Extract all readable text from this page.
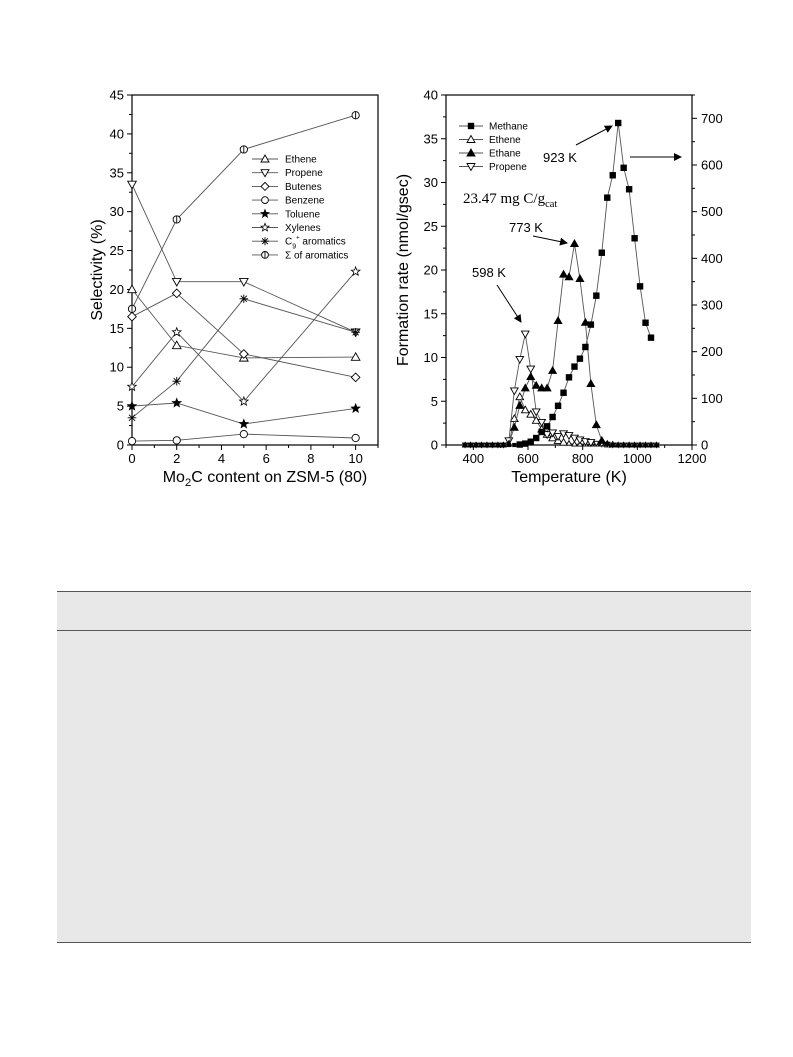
0
5
10
15
20
25
30
35
40
45
0	2	4	6	8	10
$Mo_2C$ content on ZSM-5 (80)
Selectivity (%)
Ethene
Propene
Butenes
Benzene
Toluene
Xylenes
$C_9^+$ aromatics
Σ of aromatics
0
5
10
15
20
25
30
35
40
0
100
200
300
400
500
600
700
400	600	800 1000 1200
Temperature (K)
Formation rate (nmol/gsec)
Methane
Ethene
Ethane
Propene
23.47 mg $C/g_{cat}$
598 K
773 K
923 K
